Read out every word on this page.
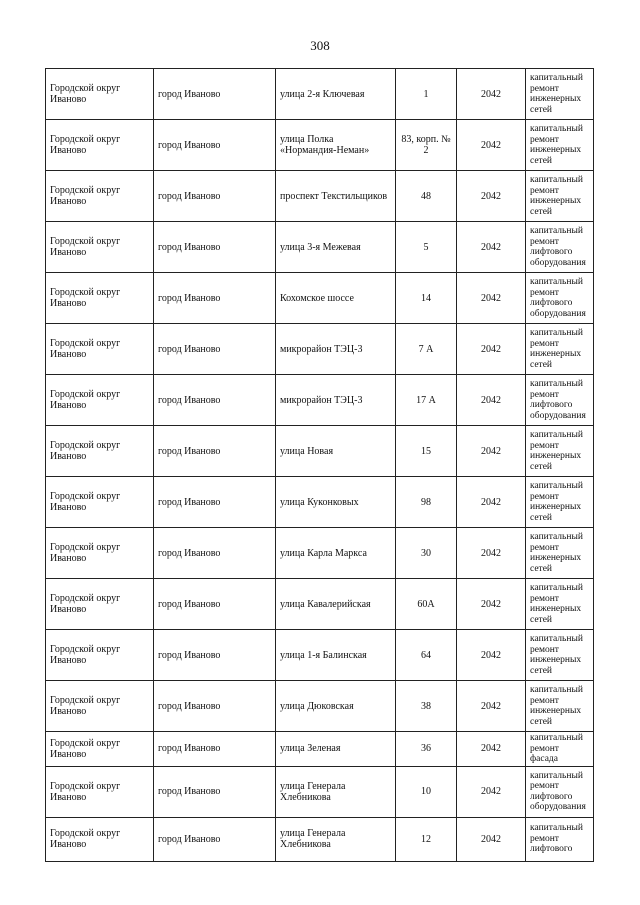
308
Городской округ Иваново	город Иваново	улица 2-я Ключевая	1	2042	капитальный ремонт инженерных сетей
Городской округ Иваново	город Иваново	улица Полка «Нормандия-Неман»	83, корп. № 2	2042	капитальный ремонт инженерных сетей
Городской округ Иваново	город Иваново	проспект Текстильщиков	48	2042	капитальный ремонт инженерных сетей
Городской округ Иваново	город Иваново	улица 3-я Межевая	5	2042	капитальный ремонт лифтового оборудования
Городской округ Иваново	город Иваново	Кохомское шоссе	14	2042	капитальный ремонт лифтового оборудования
Городской округ Иваново	город Иваново	микрорайон ТЭЦ-3	7 А	2042	капитальный ремонт инженерных сетей
Городской округ Иваново	город Иваново	микрорайон ТЭЦ-3	17 А	2042	капитальный ремонт лифтового оборудования
Городской округ Иваново	город Иваново	улица Новая	15	2042	капитальный ремонт инженерных сетей
Городской округ Иваново	город Иваново	улица Куконковых	98	2042	капитальный ремонт инженерных сетей
Городской округ Иваново	город Иваново	улица Карла Маркса	30	2042	капитальный ремонт инженерных сетей
Городской округ Иваново	город Иваново	улица Кавалерийская	60А	2042	капитальный ремонт инженерных сетей
Городской округ Иваново	город Иваново	улица 1-я Балинская	64	2042	капитальный ремонт инженерных сетей
Городской округ Иваново	город Иваново	улица Дюковская	38	2042	капитальный ремонт инженерных сетей
Городской округ Иваново	город Иваново	улица Зеленая	36	2042	капитальный ремонт фасада
Городской округ Иваново	город Иваново	улица Генерала Хлебникова	10	2042	капитальный ремонт лифтового оборудования
Городской округ Иваново	город Иваново	улица Генерала Хлебникова	12	2042	капитальный ремонт лифтового
